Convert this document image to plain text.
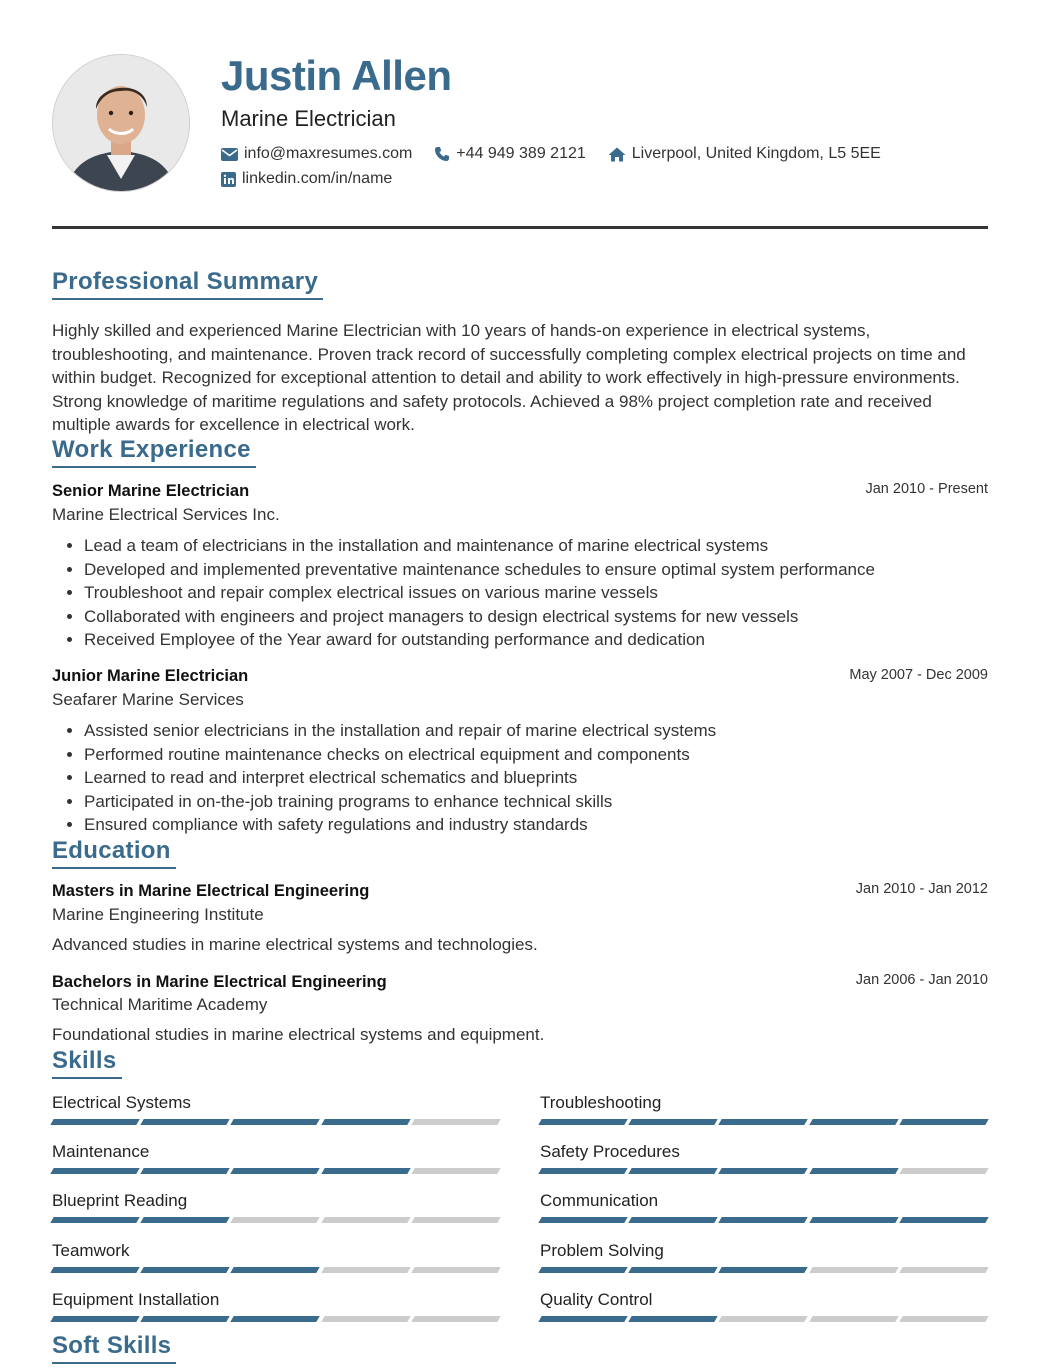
Justin Allen
Marine Electrician
info@maxresumes.com	+44 949 389 2121	Liverpool, United Kingdom, L5 5EE
linkedin.com/in/name
Professional Summary

Highly skilled and experienced Marine Electrician with 10 years of hands-on experience in electrical systems, troubleshooting, and maintenance. Proven track record of successfully completing complex electrical projects on time and within budget. Recognized for exceptional attention to detail and ability to work effectively in high-pressure environments. Strong knowledge of maritime regulations and safety protocols. Achieved a 98% project completion rate and received multiple awards for excellence in electrical work.

Work Experience
Senior Marine Electrician	Jan 2010 - Present
Marine Electrical Services Inc.
• Lead a team of electricians in the installation and maintenance of marine electrical systems
• Developed and implemented preventative maintenance schedules to ensure optimal system performance
• Troubleshoot and repair complex electrical issues on various marine vessels
• Collaborated with engineers and project managers to design electrical systems for new vessels
• Received Employee of the Year award for outstanding performance and dedication
Junior Marine Electrician	May 2007 - Dec 2009
Seafarer Marine Services
• Assisted senior electricians in the installation and repair of marine electrical systems
• Performed routine maintenance checks on electrical equipment and components
• Learned to read and interpret electrical schematics and blueprints
• Participated in on-the-job training programs to enhance technical skills
• Ensured compliance with safety regulations and industry standards
Education
Masters in Marine Electrical Engineering	Jan 2010 - Jan 2012
Marine Engineering Institute
Advanced studies in marine electrical systems and technologies.
Bachelors in Marine Electrical Engineering	Jan 2006 - Jan 2010
Technical Maritime Academy
Foundational studies in marine electrical systems and equipment.
Skills
Electrical Systems	Troubleshooting
Maintenance	Safety Procedures
Blueprint Reading	Communication
Teamwork	Problem Solving
Equipment Installation	Quality Control
Soft Skills
